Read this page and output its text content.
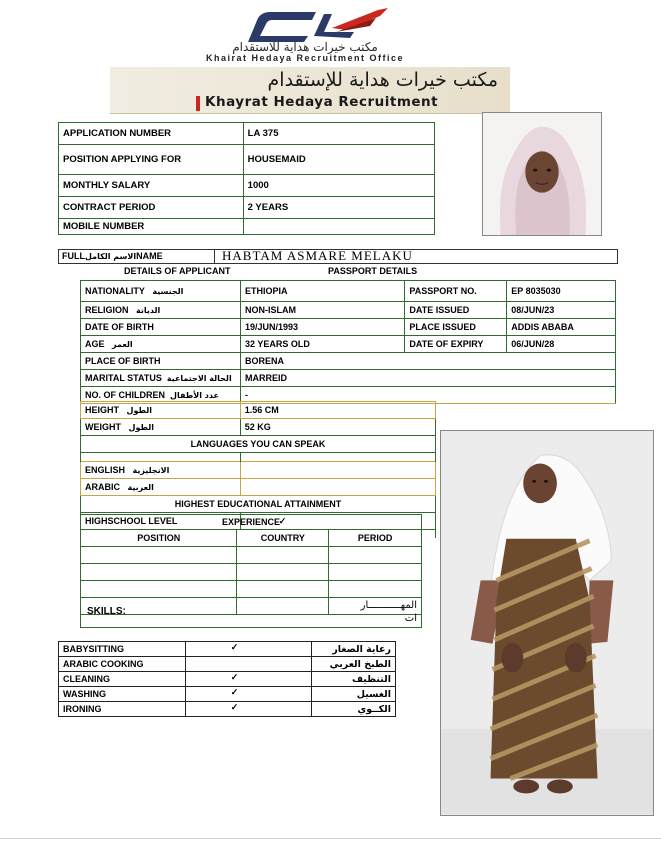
مكتب خيرات هداية للاستقدام
Khairat Hedaya Recruitment Office
مكتب خيرات هداية للإستقدام
Khayrat Hedaya Recruitment
APPLICATION NUMBER	LA 375
POSITION APPLYING FOR	HOUSEMAID
MONTHLY SALARY	1000
CONTRACT PERIOD	2 YEARS
MOBILE NUMBER	
FULLالاسم الكاملNAME	HABTAM ASMARE MELAKU
DETAILS OF APPLICANT	PASSPORT DETAILS
NATIONALITY الجنسية	ETHIOPIA	PASSPORT NO.	EP 8035030
RELIGION الديانة	NON-ISLAM	DATE ISSUED	08/JUN/23
DATE OF BIRTH	19/JUN/1993	PLACE ISSUED	ADDIS ABABA
AGE العمر	32 YEARS OLD	DATE OF EXPIRY	06/JUN/28
PLACE OF BIRTH	BORENA		
MARITAL STATUS الحالة الاجتماعية	MARREID		
NO. OF CHILDREN عدد الأطفال	-		
HEIGHT الطول	1.56 CM
WEIGHT الطول	52 KG
LANGUAGES YOU CAN SPEAK	

ENGLISH الانجليزية	
ARABIC العربية	
HIGHEST EDUCATIONAL ATTAINMENT	
HIGHSCHOOL LEVEL	✓

EXPERIENCE		
POSITION	COUNTRY	PERIOD

SKILLS:
المهـــــــــــار
ات
BABYSITTING	✓	رعاية الصغار
ARABIC COOKING		الطبخ العربي
CLEANING	✓	التنظيف
WASHING	✓	الغسيل
IRONING	✓	الكــوي
